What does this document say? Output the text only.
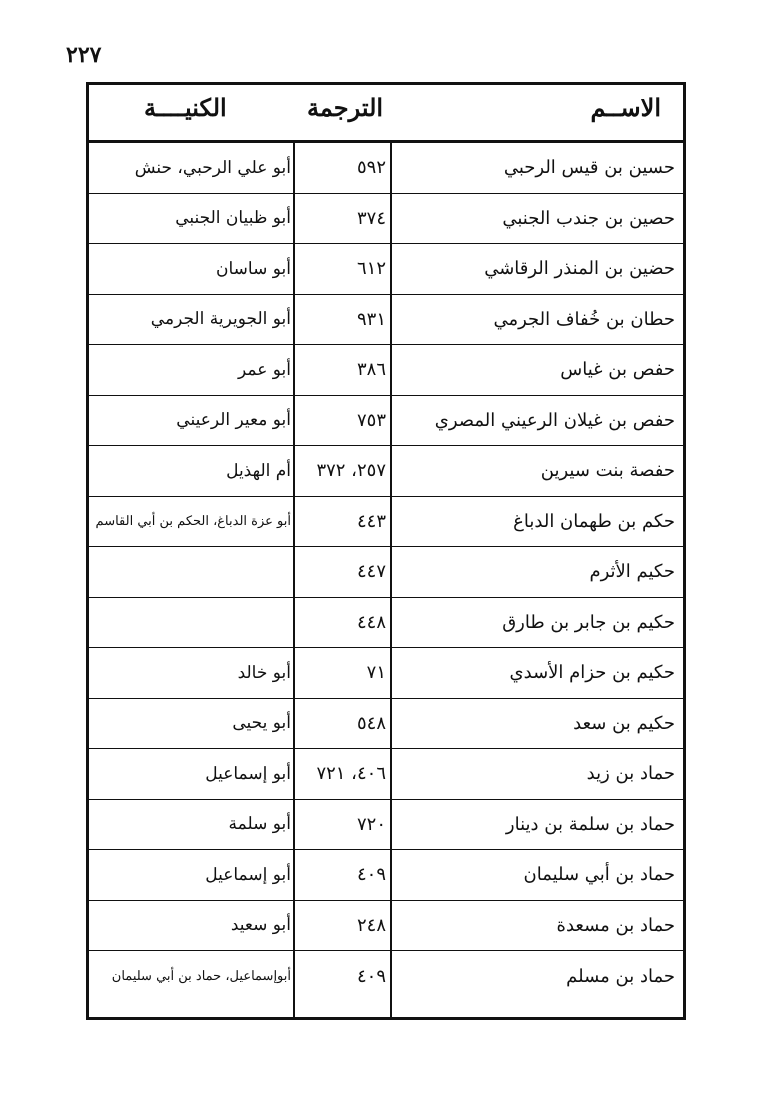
٢٢٧
الاســم
الترجمة
الكنيــــة
حسين بن قيس الرحبي
٥٩٢
أبو علي الرحبي، حنش
حصين بن جندب الجنبي
٣٧٤
أبو ظبيان الجنبي
حضين بن المنذر الرقاشي
٦١٢
أبو ساسان
حطان بن خُفاف الجرمي
٩٣١
أبو الجويرية الجرمي
حفص بن غياس
٣٨٦
أبو عمر
حفص بن غيلان الرعيني المصري
٧٥٣
أبو معير الرعيني
حفصة بنت سيرين
٢٥٧، ٣٧٢
أم الهذيل
حكم بن طهمان الدباغ
٤٤٣
أبو عزة الدباغ، الحكم بن أبي القاسم
حكيم الأثرم
٤٤٧
حكيم بن جابر بن طارق
٤٤٨
حكيم بن حزام الأسدي
٧١
أبو خالد
حكيم بن سعد
٥٤٨
أبو يحيى
حماد بن زيد
٤٠٦، ٧٢١
أبو إسماعيل
حماد بن سلمة بن دينار
٧٢٠
أبو سلمة
حماد بن أبي سليمان
٤٠٩
أبو إسماعيل
حماد بن مسعدة
٢٤٨
أبو سعيد
حماد بن مسلم
٤٠٩
أبوإسماعيل، حماد بن أبي سليمان
